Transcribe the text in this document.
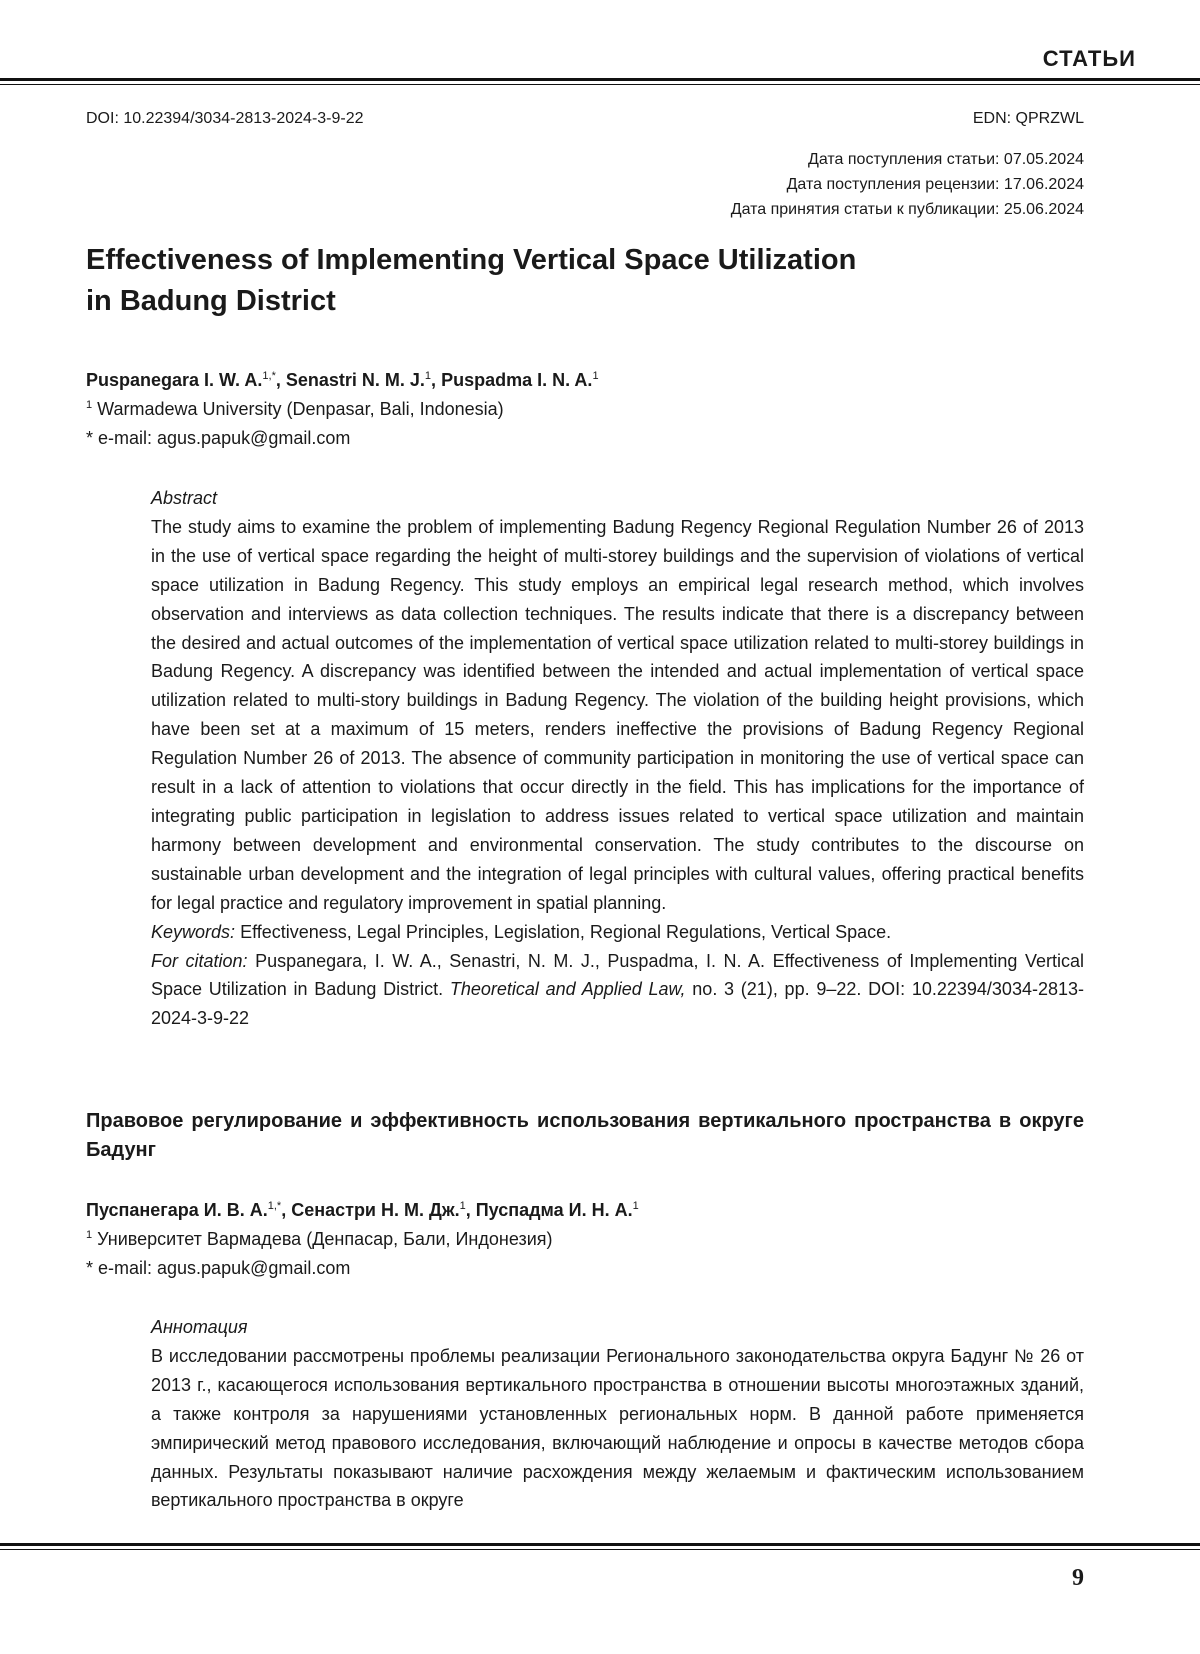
СТАТЬИ
DOI: 10.22394/3034-2813-2024-3-9-22	EDN: QPRZWL
Дата поступления статьи: 07.05.2024
Дата поступления рецензии: 17.06.2024
Дата принятия статьи к публикации: 25.06.2024
Effectiveness of Implementing Vertical Space Utilization
in Badung District
Puspanegara I. W. A.$^{1,*}$, Senastri N. M. J.$^1$, Puspadma I. N. A.$^1$
$^1$ Warmadewa University (Denpasar, Bali, Indonesia)
* e-mail: agus.papuk@gmail.com
Abstract

The study aims to examine the problem of implementing Badung Regency Regional Regulation Number 26 of 2013 in the use of vertical space regarding the height of multi-storey buildings and the supervision of violations of vertical space utilization in Badung Regency. This study employs an empirical legal research method, which involves observation and interviews as data collection techniques. The results indicate that there is a discrepancy between the desired and actual outcomes of the implementation of vertical space utilization related to multi-storey buildings in Badung Regency. A discrepancy was identified between the intended and actual implementation of vertical space utilization related to multi-story buildings in Badung Regency. The violation of the building height provisions, which have been set at a maximum of 15 meters, renders ineffective the provisions of Badung Regency Regional Regulation Number 26 of 2013. The absence of community participation in monitoring the use of vertical space can result in a lack of attention to violations that occur directly in the field. This has implications for the importance of integrating public participation in legislation to address issues related to vertical space utilization and maintain harmony between development and environmental conservation. The study contributes to the discourse on sustainable urban development and the integration of legal principles with cultural values, offering practical benefits for legal practice and regulatory improvement in spatial planning.

Keywords: Effectiveness, Legal Principles, Legislation, Regional Regulations, Vertical Space.

For citation: Puspanegara, I. W. A., Senastri, N. M. J., Puspadma, I. N. A. Effectiveness of Implementing Vertical Space Utilization in Badung District. Theoretical and Applied Law, no. 3 (21), pp. 9–22. DOI: 10.22394/3034-2813-2024-3-9-22

Правовое регулирование и эффективность использования вертикального пространства в округе Бадунг
Пуспанегара И. В. А.$^{1,*}$, Сенастри Н. М. Дж.$^1$, Пуспадма И. Н. А.$^1$
$^1$ Университет Вармадева (Денпасар, Бали, Индонезия)
* e-mail: agus.papuk@gmail.com
Аннотация

В исследовании рассмотрены проблемы реализации Регионального законодательства округа Бадунг № 26 от 2013 г., касающегося использования вертикального пространства в отношении высоты многоэтажных зданий, а также контроля за нарушениями установленных региональных норм. В данной работе применяется эмпирический метод правового исследования, включающий наблюдение и опросы в качестве методов сбора данных. Результаты показывают наличие расхождения между желаемым и фактическим использованием вертикального пространства в округе

9
